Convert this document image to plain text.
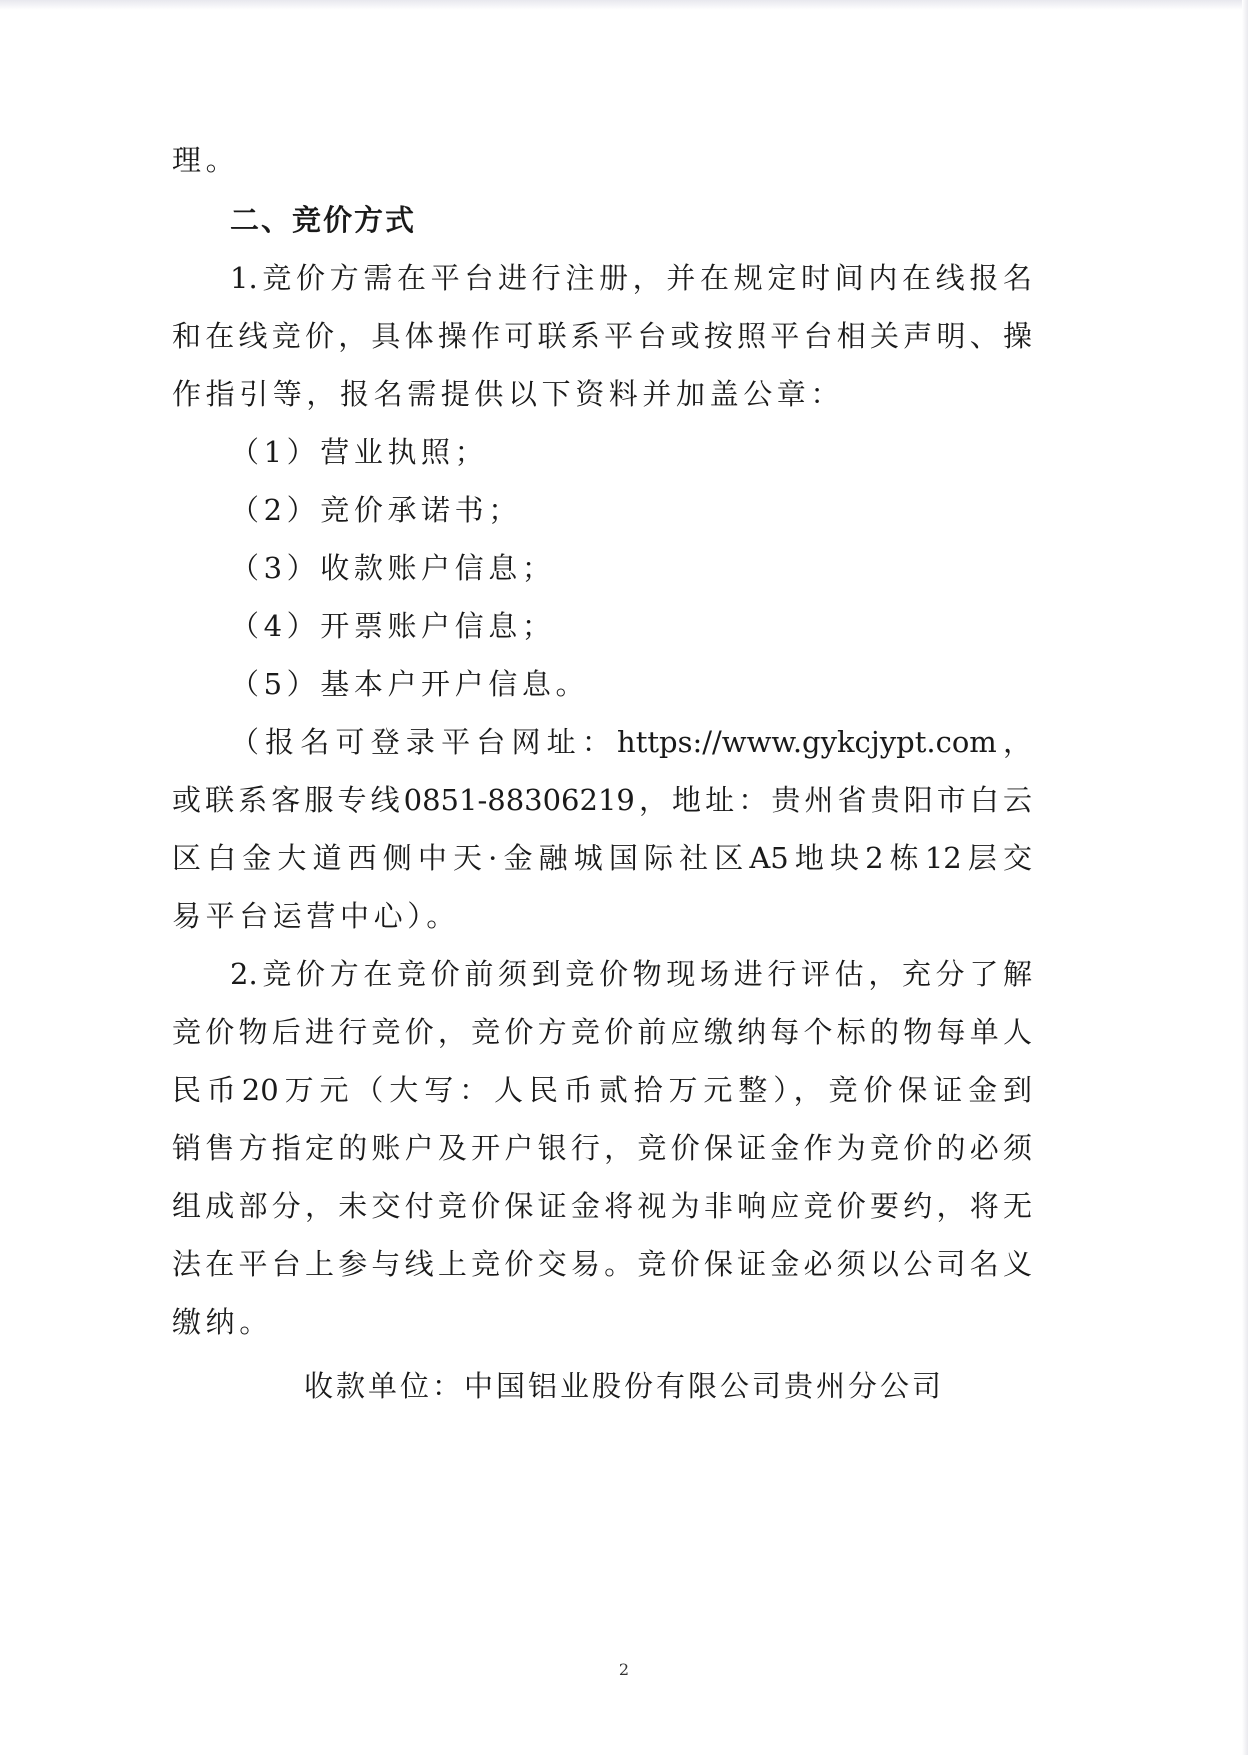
理。
二、竞价方式
1.竞价方需在平台进行注册，并在规定时间内在线报名
和在线竞价，具体操作可联系平台或按照平台相关声明、操
作指引等，报名需提供以下资料并加盖公章：
（1）营业执照；
（2）竞价承诺书；
（3）收款账户信息；
（4）开票账户信息；
（5）基本户开户信息。
（报名可登录平台网址：https://www.gykcjypt.com，
或联系客服专线0851-88306219，地址：贵州省贵阳市白云
区白金大道西侧中天·金融城国际社区A5地块2栋12层交
易平台运营中心）。
2.竞价方在竞价前须到竞价物现场进行评估，充分了解
竞价物后进行竞价，竞价方竞价前应缴纳每个标的物每单人
民币20万元（大写：人民币贰拾万元整），竞价保证金到
销售方指定的账户及开户银行，竞价保证金作为竞价的必须
组成部分，未交付竞价保证金将视为非响应竞价要约，将无
法在平台上参与线上竞价交易。竞价保证金必须以公司名义
缴纳。
收款单位：中国铝业股份有限公司贵州分公司
2
